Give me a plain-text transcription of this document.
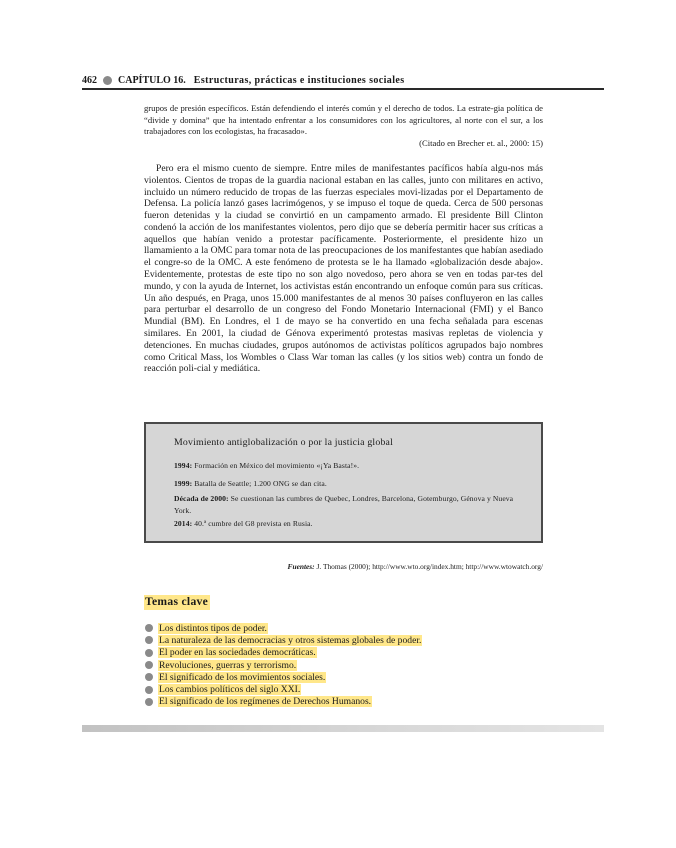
462 CAPÍTULO 16. Estructuras, prácticas e instituciones sociales
grupos de presión específicos. Están defendiendo el interés común y el derecho de todos. La estrate-gia política de “divide y domina” que ha intentado enfrentar a los consumidores con los agricultores, al norte con el sur, a los trabajadores con los ecologistas, ha fracasado».
(Citado en Brecher et. al., 2000: 15)
Pero era el mismo cuento de siempre. Entre miles de manifestantes pacíficos había algu-nos más violentos. Cientos de tropas de la guardia nacional estaban en las calles, junto con militares en activo, incluido un número reducido de tropas de las fuerzas especiales movi-lizadas por el Departamento de Defensa. La policía lanzó gases lacrimógenos, y se impuso el toque de queda. Cerca de 500 personas fueron detenidas y la ciudad se convirtió en un campamento armado. El presidente Bill Clinton condenó la acción de los manifestantes violentos, pero dijo que se debería permitir hacer sus críticas a aquellos que habían venido a protestar pacíficamente. Posteriormente, el presidente hizo un llamamiento a la OMC para tomar nota de las preocupaciones de los manifestantes que habían asediado el congre-so de la OMC. A este fenómeno de protesta se le ha llamado «globalización desde abajo». Evidentemente, protestas de este tipo no son algo novedoso, pero ahora se ven en todas par-tes del mundo, y con la ayuda de Internet, los activistas están encontrando un enfoque común para sus críticas. Un año después, en Praga, unos 15.000 manifestantes de al menos 30 países confluyeron en las calles para perturbar el desarrollo de un congreso del Fondo Monetario Internacional (FMI) y el Banco Mundial (BM). En Londres, el 1 de mayo se ha convertido en una fecha señalada para escenas similares. En 2001, la ciudad de Génova experimentó protestas masivas repletas de violencia y detenciones. En muchas ciudades, grupos autónomos de activistas políticos agrupados bajo nombres como Critical Mass, los Wombles o Class War toman las calles (y los sitios web) contra un fondo de reacción poli-cial y mediática.
Movimiento antiglobalización o por la justicia global
1994: Formación en México del movimiento «¡Ya Basta!».
1999: Batalla de Seattle; 1.200 ONG se dan cita.
Década de 2000: Se cuestionan las cumbres de Quebec, Londres, Barcelona, Gotemburgo, Génova y Nueva York.
2014: 40.ª cumbre del G8 prevista en Rusia.
Fuentes: J. Thomas (2000); http://www.wto.org/index.htm; http://www.wtowatch.org/
Temas clave
Los distintos tipos de poder.
La naturaleza de las democracias y otros sistemas globales de poder.
El poder en las sociedades democráticas.
Revoluciones, guerras y terrorismo.
El significado de los movimientos sociales.
Los cambios políticos del siglo XXI.
El significado de los regímenes de Derechos Humanos.
